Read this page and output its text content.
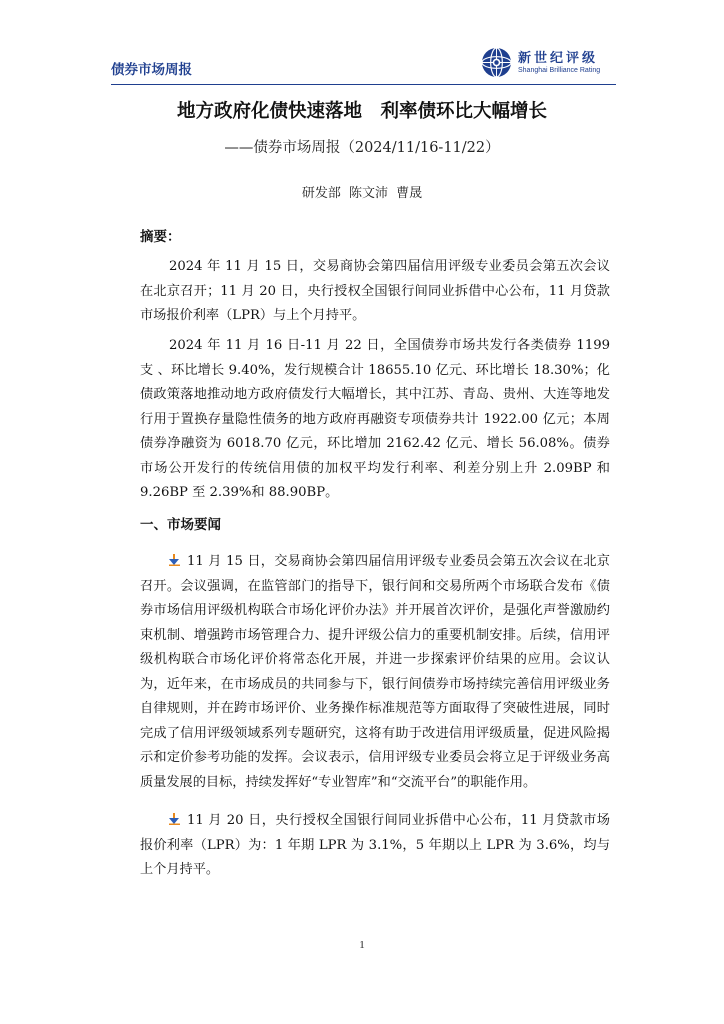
债券市场周报
新世纪评级
Shanghai Brilliance Rating
地方政府化债快速落地　利率债环比大幅增长
——债券市场周报（2024/11/16-11/22）
研发部 陈文沛 曹晟
摘要：
2024 年 11 月 15 日，交易商协会第四届信用评级专业委员会第五次会议在北京召开；11 月 20 日，央行授权全国银行间同业拆借中心公布，11 月贷款市场报价利率（LPR）与上个月持平。
2024 年 11 月 16 日-11 月 22 日，全国债券市场共发行各类债券 1199 支 、环比增长 9.40%，发行规模合计 18655.10 亿元、环比增长 18.30%；化债政策落地推动地方政府债发行大幅增长，其中江苏、青岛、贵州、大连等地发行用于置换存量隐性债务的地方政府再融资专项债券共计 1922.00 亿元；本周债券净融资为 6018.70 亿元，环比增加 2162.42 亿元、增长 56.08%。债券市场公开发行的传统信用债的加权平均发行利率、利差分别上升 2.09BP 和 9.26BP 至 2.39%和 88.90BP。
一、市场要闻
11 月 15 日，交易商协会第四届信用评级专业委员会第五次会议在北京召开。会议强调，在监管部门的指导下，银行间和交易所两个市场联合发布《债券市场信用评级机构联合市场化评价办法》并开展首次评价，是强化声誉激励约束机制、增强跨市场管理合力、提升评级公信力的重要机制安排。后续，信用评级机构联合市场化评价将常态化开展，并进一步探索评价结果的应用。会议认为，近年来，在市场成员的共同参与下，银行间债券市场持续完善信用评级业务自律规则，并在跨市场评价、业务操作标准规范等方面取得了突破性进展，同时完成了信用评级领域系列专题研究，这将有助于改进信用评级质量，促进风险揭示和定价参考功能的发挥。会议表示，信用评级专业委员会将立足于评级业务高质量发展的目标，持续发挥好“专业智库”和“交流平台”的职能作用。
11 月 20 日，央行授权全国银行间同业拆借中心公布，11 月贷款市场报价利率（LPR）为：1 年期 LPR 为 3.1%，5 年期以上 LPR 为 3.6%，均与上个月持平。
1
